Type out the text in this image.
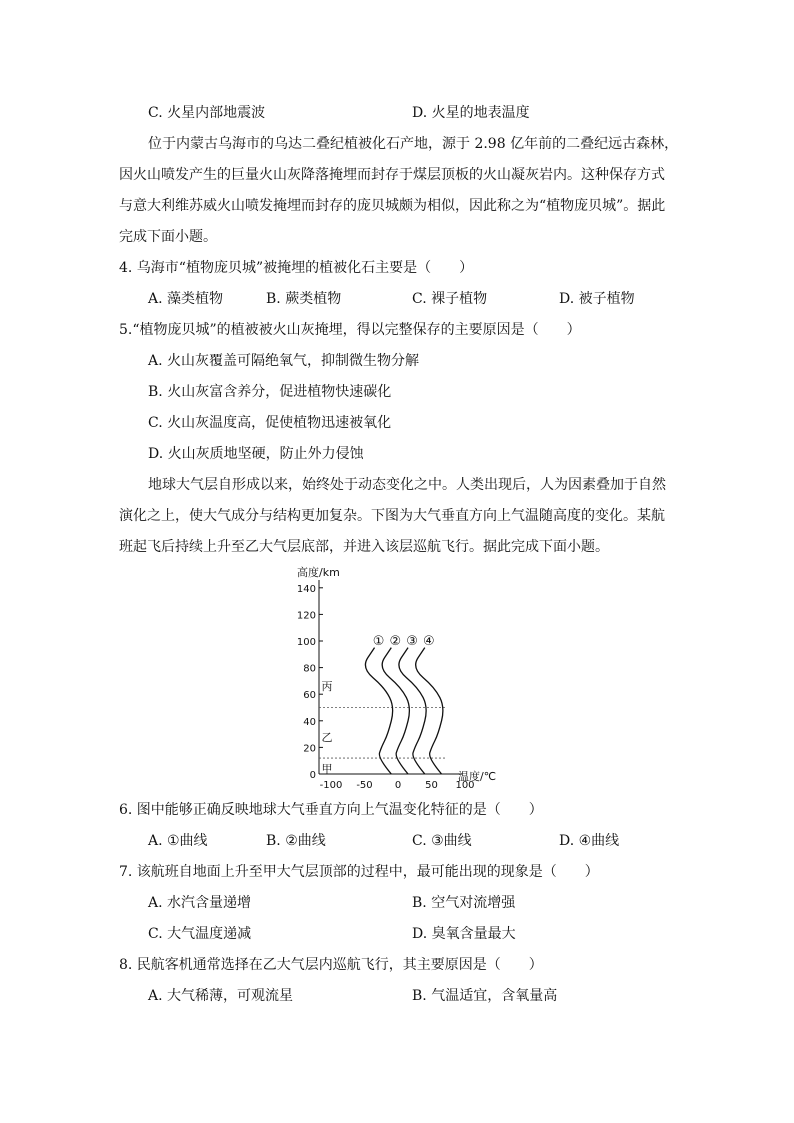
C. 火星内部地震波	D. 火星的地表温度
位于内蒙古乌海市的乌达二叠纪植被化石产地，源于 2.98 亿年前的二叠纪远古森林，
因火山喷发产生的巨量火山灰降落掩埋而封存于煤层顶板的火山凝灰岩内。这种保存方式
与意大利维苏威火山喷发掩埋而封存的庞贝城颇为相似，因此称之为“植物庞贝城”。据此
完成下面小题。
4. 乌海市“植物庞贝城”被掩埋的植被化石主要是（　　）
A. 藻类植物	B. 蕨类植物	C. 裸子植物	D. 被子植物
5.“植物庞贝城”的植被被火山灰掩埋，得以完整保存的主要原因是（　　）
A. 火山灰覆盖可隔绝氧气，抑制微生物分解
B. 火山灰富含养分，促进植物快速碳化
C. 火山灰温度高，促使植物迅速被氧化
D. 火山灰质地坚硬，防止外力侵蚀
地球大气层自形成以来，始终处于动态变化之中。人类出现后，人为因素叠加于自然
演化之上，使大气成分与结构更加复杂。下图为大气垂直方向上气温随高度的变化。某航
班起飞后持续上升至乙大气层底部，并进入该层巡航飞行。据此完成下面小题。
0
20
40
60
80
100
120
140
-100 -50 0 50 100
高度/km
温度/℃
甲
乙
丙
① ② ③ ④
6. 图中能够正确反映地球大气垂直方向上气温变化特征的是（　　）
A. ①曲线	B. ②曲线	C. ③曲线	D. ④曲线
7. 该航班自地面上升至甲大气层顶部的过程中，最可能出现的现象是（　　）
A. 水汽含量递增	B. 空气对流增强
C. 大气温度递减	D. 臭氧含量最大
8. 民航客机通常选择在乙大气层内巡航飞行，其主要原因是（　　）
A. 大气稀薄，可观流星	B. 气温适宜，含氧量高
